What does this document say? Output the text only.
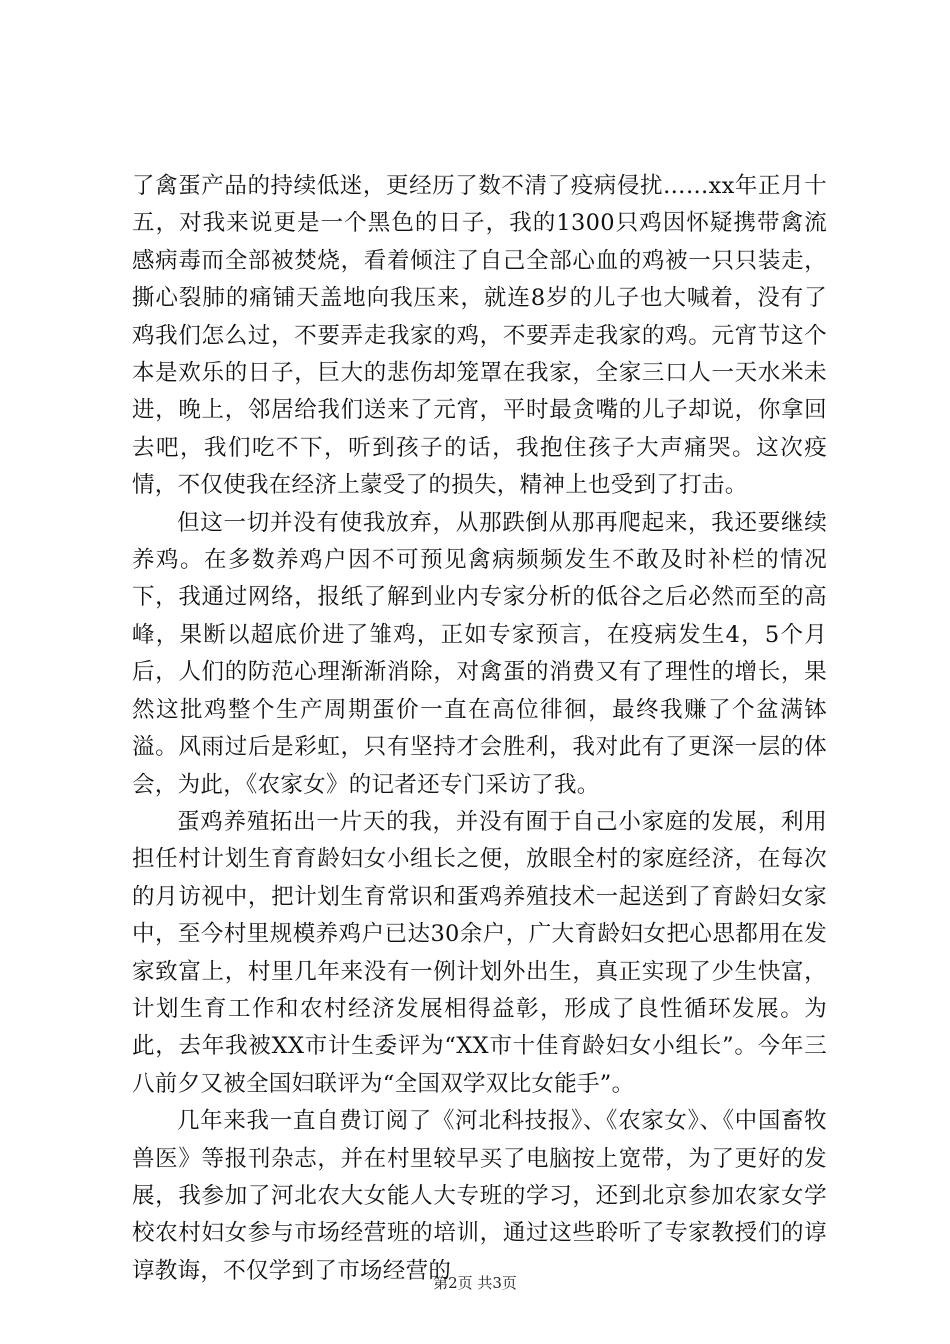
了禽蛋产品的持续低迷，更经历了数不清了疫病侵扰……xx年正月十五，对我来说更是一个黑色的日子，我的1300只鸡因怀疑携带禽流感病毒而全部被焚烧，看着倾注了自己全部心血的鸡被一只只装走，撕心裂肺的痛铺天盖地向我压来，就连8岁的儿子也大喊着，没有了鸡我们怎么过，不要弄走我家的鸡，不要弄走我家的鸡。元宵节这个本是欢乐的日子，巨大的悲伤却笼罩在我家，全家三口人一天水米未进，晚上，邻居给我们送来了元宵，平时最贪嘴的儿子却说，你拿回去吧，我们吃不下，听到孩子的话，我抱住孩子大声痛哭。这次疫情，不仅使我在经济上蒙受了的损失，精神上也受到了打击。

但这一切并没有使我放弃，从那跌倒从那再爬起来，我还要继续养鸡。在多数养鸡户因不可预见禽病频频发生不敢及时补栏的情况下，我通过网络，报纸了解到业内专家分析的低谷之后必然而至的高峰，果断以超底价进了雏鸡，正如专家预言，在疫病发生4，5个月后，人们的防范心理渐渐消除，对禽蛋的消费又有了理性的增长，果然这批鸡整个生产周期蛋价一直在高位徘徊，最终我赚了个盆满钵溢。风雨过后是彩虹，只有坚持才会胜利，我对此有了更深一层的体会，为此，《农家女》的记者还专门采访了我。

蛋鸡养殖拓出一片天的我，并没有囿于自己小家庭的发展，利用担任村计划生育育龄妇女小组长之便，放眼全村的家庭经济，在每次的月访视中，把计划生育常识和蛋鸡养殖技术一起送到了育龄妇女家中，至今村里规模养鸡户已达30余户，广大育龄妇女把心思都用在发家致富上，村里几年来没有一例计划外出生，真正实现了少生快富，计划生育工作和农村经济发展相得益彰，形成了良性循环发展。为此，去年我被XX市计生委评为“XX市十佳育龄妇女小组长”。今年三八前夕又被全国妇联评为“全国双学双比女能手”。

几年来我一直自费订阅了《河北科技报》、《农家女》、《中国畜牧兽医》等报刊杂志，并在村里较早买了电脑按上宽带，为了更好的发展，我参加了河北农大女能人大专班的学习，还到北京参加农家女学校农村妇女参与市场经营班的培训，通过这些聆听了专家教授们的谆谆教诲，不仅学到了市场经营的

第2页 共3页
